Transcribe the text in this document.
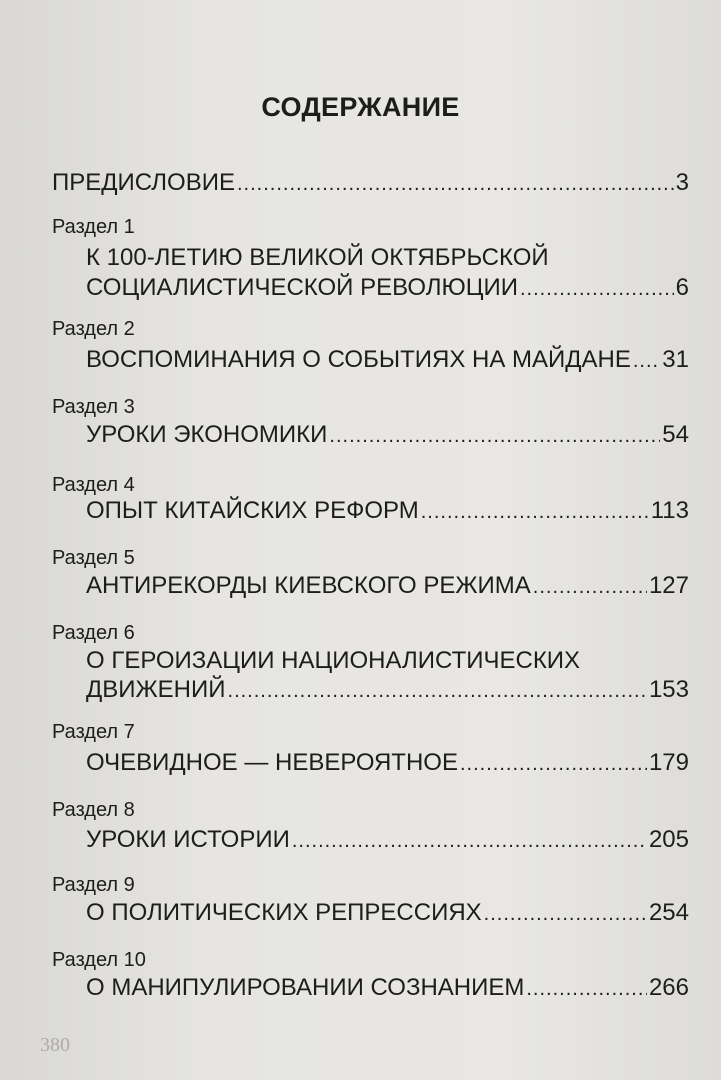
СОДЕРЖАНИЕ
ПРЕДИСЛОВИЕ .....	3
Раздел 1
К 100-ЛЕТИЮ ВЕЛИКОЙ ОКТЯБРЬСКОЙ
СОЦИАЛИСТИЧЕСКОЙ РЕВОЛЮЦИИ .....	6
Раздел 2
ВОСПОМИНАНИЯ О СОБЫТИЯХ НА МАЙДАНЕ ..... 31
Раздел 3
УРОКИ ЭКОНОМИКИ .....	54
Раздел 4
ОПЫТ КИТАЙСКИХ РЕФОРМ .....	113
Раздел 5
АНТИРЕКОРДЫ КИЕВСКОГО РЕЖИМА .....	127
Раздел 6
О ГЕРОИЗАЦИИ НАЦИОНАЛИСТИЧЕСКИХ
ДВИЖЕНИЙ .....	153
Раздел 7
ОЧЕВИДНОЕ — НЕВЕРОЯТНОЕ .....	179
Раздел 8
УРОКИ ИСТОРИИ .....	205
Раздел 9
О ПОЛИТИЧЕСКИХ РЕПРЕССИЯХ .....	254
Раздел 10
О МАНИПУЛИРОВАНИИ СОЗНАНИЕМ .....	266
380
